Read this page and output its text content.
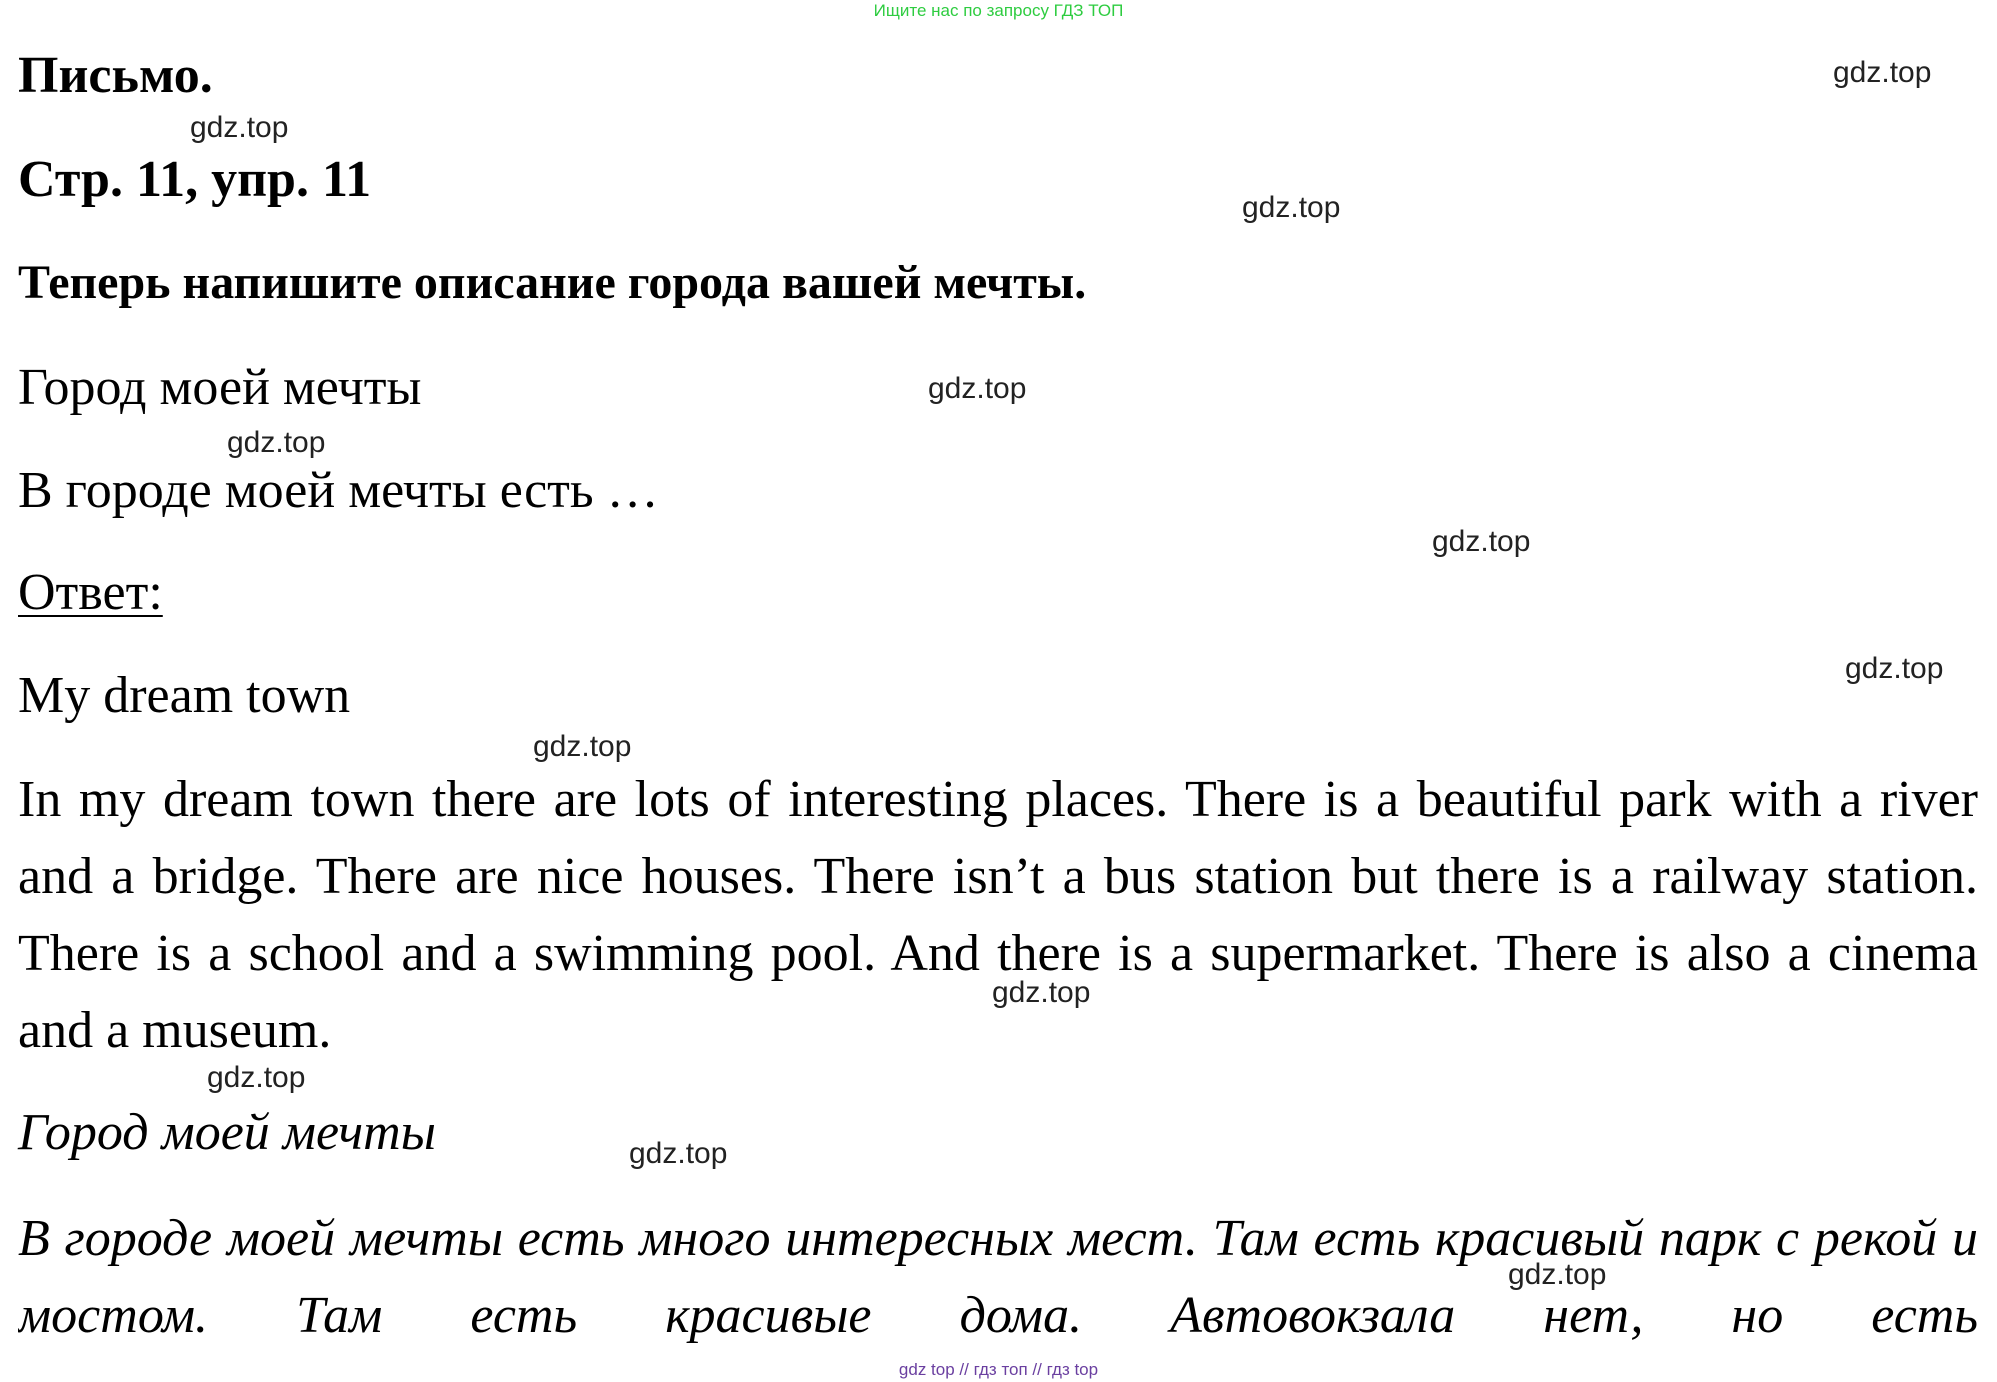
Ищите нас по запросу ГДЗ ТОП
Письмо.
Стр. 11, упр. 11
Теперь напишите описание города вашей мечты.
Город моей мечты
В городе моей мечты есть …
Ответ:
My dream town

In my dream town there are lots of interesting places. There is a beautiful park with a river and a bridge. There are nice houses. There isn’t a bus station but there is a railway station. There is a school and a swimming pool. And there is a supermarket. There is also a cinema and a museum.

Город моей мечты

В городе моей мечты есть много интересных мест. Там есть красивый парк с рекой и мостом. Там есть красивые дома. Автовокзала нет, но есть

gdz.top
gdz.top
gdz.top
gdz.top
gdz.top
gdz.top
gdz.top
gdz.top
gdz.top
gdz.top
gdz.top
gdz.top
gdz top // гдз топ // гдз top
